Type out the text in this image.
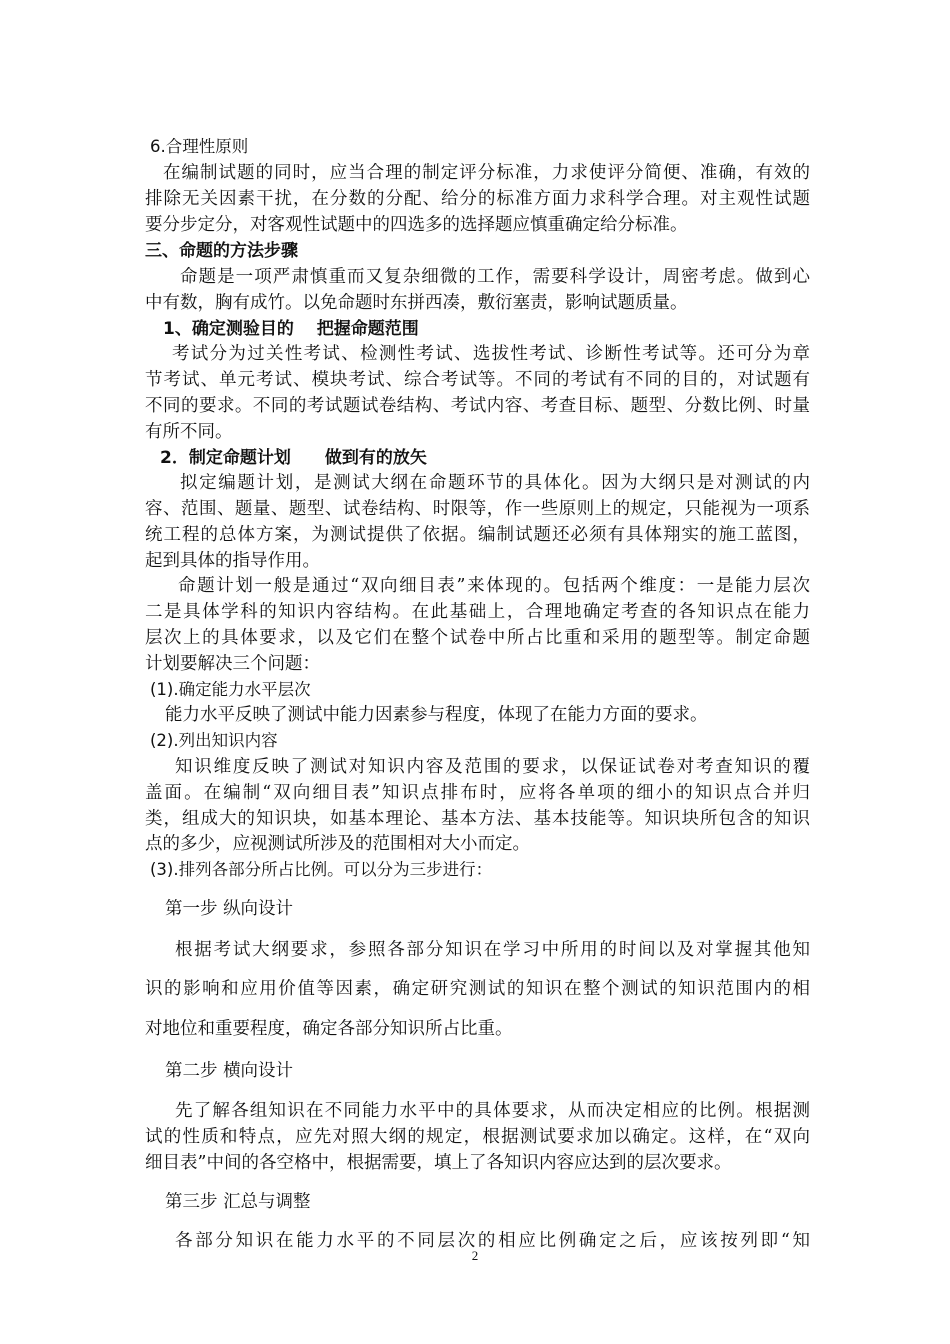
6.合理性原则
在编制试题的同时，应当合理的制定评分标准，力求使评分简便、准确，有效的
排除无关因素干扰，在分数的分配、给分的标准方面力求科学合理。对主观性试题
要分步定分，对客观性试题中的四选多的选择题应慎重确定给分标准。
三、命题的方法步骤
命题是一项严肃慎重而又复杂细微的工作，需要科学设计，周密考虑。做到心
中有数，胸有成竹。以免命题时东拼西凑，敷衍塞责，影响试题质量。
1、确定测验目的　 把握命题范围
考试分为过关性考试、检测性考试、选拔性考试、诊断性考试等。还可分为章
节考试、单元考试、模块考试、综合考试等。不同的考试有不同的目的，对试题有
不同的要求。不同的考试题试卷结构、考试内容、考查目标、题型、分数比例、时量
有所不同。
2．制定命题计划　　做到有的放矢
拟定编题计划，是测试大纲在命题环节的具体化。因为大纲只是对测试的内
容、范围、题量、题型、试卷结构、时限等，作一些原则上的规定，只能视为一项系
统工程的总体方案，为测试提供了依据。编制试题还必须有具体翔实的施工蓝图，
起到具体的指导作用。
命题计划一般是通过“双向细目表”来体现的。包括两个维度：一是能力层次
二是具体学科的知识内容结构。在此基础上，合理地确定考查的各知识点在能力
层次上的具体要求，以及它们在整个试卷中所占比重和采用的题型等。制定命题
计划要解决三个问题：
(1).确定能力水平层次
能力水平反映了测试中能力因素参与程度，体现了在能力方面的要求。
(2).列出知识内容
知识维度反映了测试对知识内容及范围的要求，以保证试卷对考查知识的覆
盖面。在编制“双向细目表”知识点排布时，应将各单项的细小的知识点合并归
类，组成大的知识块，如基本理论、基本方法、基本技能等。知识块所包含的知识
点的多少，应视测试所涉及的范围相对大小而定。
(3).排列各部分所占比例。可以分为三步进行：
第一步 纵向设计
根据考试大纲要求，参照各部分知识在学习中所用的时间以及对掌握其他知
识的影响和应用价值等因素，确定研究测试的知识在整个测试的知识范围内的相
对地位和重要程度，确定各部分知识所占比重。
第二步 横向设计
先了解各组知识在不同能力水平中的具体要求，从而决定相应的比例。根据测
试的性质和特点，应先对照大纲的规定，根据测试要求加以确定。这样，在“双向
细目表”中间的各空格中，根据需要，填上了各知识内容应达到的层次要求。
第三步 汇总与调整
各部分知识在能力水平的不同层次的相应比例确定之后，应该按列即“知
2
